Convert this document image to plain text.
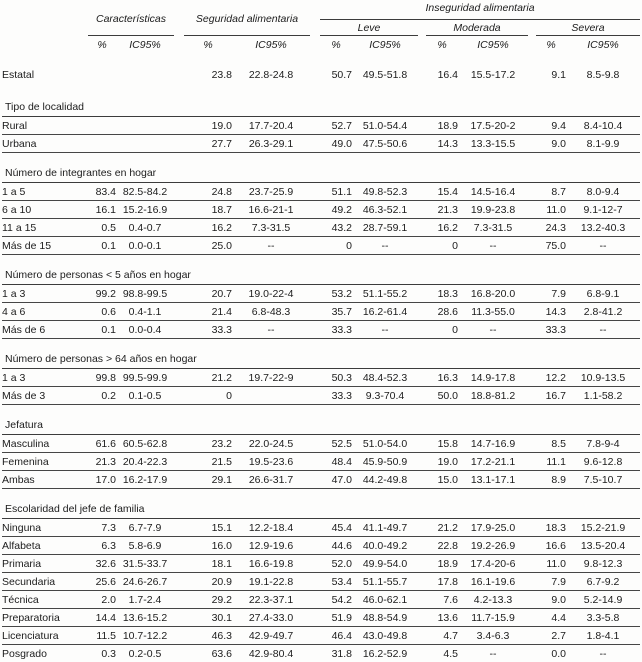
	Características			Seguridad alimentaria			Inseguridad alimentaria							
							Leve			Moderada			Severa	
	%	IC95%		%	IC95%		%	IC95%		%	IC95%		%	IC95%
Estatal				23.8	22.8-24.8		50.7	49.5-51.8		16.4	15.5-17.2		9.1	8.5-9.8
Tipo de localidad														
Rural				19.0	17.7-20.4		52.7	51.0-54.4		18.9	17.5-20-2		9.4	8.4-10.4
Urbana				27.7	26.3-29.1		49.0	47.5-50.6		14.3	13.3-15.5		9.0	8.1-9.9
Número de integrantes en hogar														
1 a 5	83.4	82.5-84.2		24.8	23.7-25.9		51.1	49.8-52.3		15.4	14.5-16.4		8.7	8.0-9.4
6 a 10	16.1	15.2-16.9		18.7	16.6-21-1		49.2	46.3-52.1		21.3	19.9-23.8		11.0	9.1-12-7
11 a 15	0.5	0.4-0.7		16.2	7.3-31.5		43.2	28.7-59.1		16.2	7.3-31.5		24.3	13.2-40.3
Más de 15	0.1	0.0-0.1		25.0	--		0	--		0	--		75.0	--
Número de personas < 5 años en hogar														
1 a 3	99.2	98.8-99.5		20.7	19.0-22-4		53.2	51.1-55.2		18.3	16.8-20.0		7.9	6.8-9.1
4 a 6	0.6	0.4-1.1		21.4	6.8-48.3		35.7	16.2-61.4		28.6	11.3-55.0		14.3	2.8-41.2
Más de 6	0.1	0.0-0.4		33.3	--		33.3	--		0	--		33.3	--
Número de personas > 64 años en hogar														
1 a 3	99.8	99.5-99.9		21.2	19.7-22-9		50.3	48.4-52.3		16.3	14.9-17.8		12.2	10.9-13.5
Más de 3	0.2	0.1-0.5		0			33.3	9.3-70.4		50.0	18.8-81.2		16.7	1.1-58.2
Jefatura														
Masculina	61.6	60.5-62.8		23.2	22.0-24.5		52.5	51.0-54.0		15.8	14.7-16.9		8.5	7.8-9-4
Femenina	21.3	20.4-22.3		21.5	19.5-23.6		48.4	45.9-50.9		19.0	17.2-21.1		11.1	9.6-12.8
Ambas	17.0	16.2-17.9		29.1	26.6-31.7		47.0	44.2-49.8		15.0	13.1-17.1		8.9	7.5-10.7
Escolaridad del jefe de familia														
Ninguna	7.3	6.7-7.9		15.1	12.2-18.4		45.4	41.1-49.7		21.2	17.9-25.0		18.3	15.2-21.9
Alfabeta	6.3	5.8-6.9		16.0	12.9-19.6		44.6	40.0-49.2		22.8	19.2-26.9		16.6	13.5-20.4
Primaria	32.6	31.5-33.7		18.1	16.6-19.8		52.0	49.9-54.0		18.9	17.4-20-6		11.0	9.8-12.3
Secundaria	25.6	24.6-26.7		20.9	19.1-22.8		53.4	51.1-55.7		17.8	16.1-19.6		7.9	6.7-9.2
Técnica	2.0	1.7-2.4		29.2	22.3-37.1		54.2	46.0-62.1		7.6	4.2-13.3		9.0	5.2-14.9
Preparatoria	14.4	13.6-15.2		30.1	27.4-33.0		51.9	48.8-54.9		13.6	11.7-15.9		4.4	3.3-5.8
Licenciatura	11.5	10.7-12.2		46.3	42.9-49.7		46.4	43.0-49.8		4.7	3.4-6.3		2.7	1.8-4.1
Posgrado	0.3	0.2-0.5		63.6	42.9-80.4		31.8	16.2-52.9		4.5	--		0.0	--
